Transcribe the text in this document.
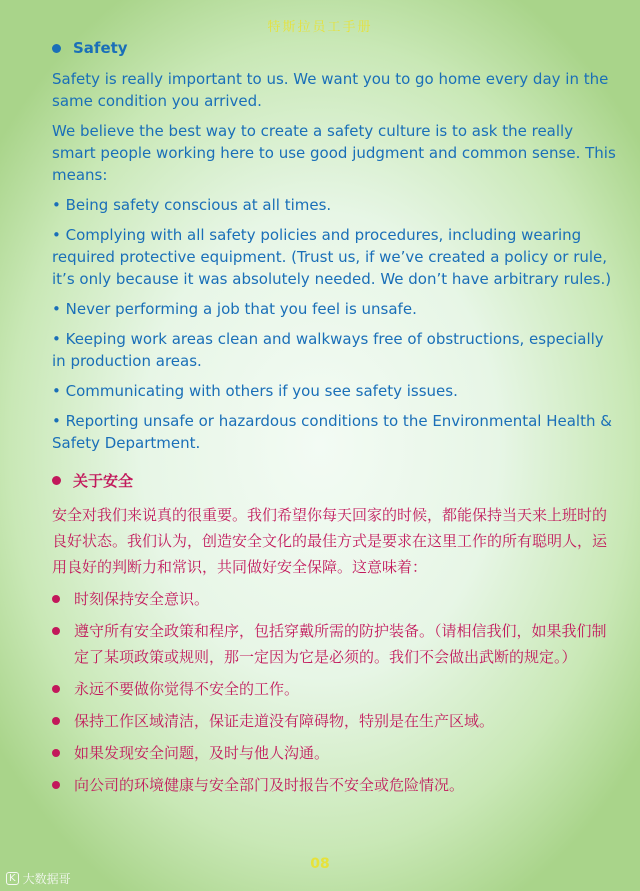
特斯拉员工手册
Safety

Safety is really important to us. We want you to go home every day in the same condition you arrived.

We believe the best way to create a safety culture is to ask the really smart people working here to use good judgment and common sense. This means:

• Being safety conscious at all times.

• Complying with all safety policies and procedures, including wearing required protective equipment. (Trust us, if we’ve created a policy or rule, it’s only because it was absolutely needed. We don’t have arbitrary rules.)

• Never performing a job that you feel is unsafe.

• Keeping work areas clean and walkways free of obstructions, especially in production areas.

• Communicating with others if you see safety issues.

• Reporting unsafe or hazardous conditions to the Environmental Health & Safety Department.

关于安全

安全对我们来说真的很重要。我们希望你每天回家的时候，都能保持当天来上班时的良好状态。我们认为，创造安全文化的最佳方式是要求在这里工作的所有聪明人，运用良好的判断力和常识，共同做好安全保障。这意味着：

时刻保持安全意识。
遵守所有安全政策和程序，包括穿戴所需的防护装备。（请相信我们，如果我们制定了某项政策或规则，那一定因为它是必须的。我们不会做出武断的规定。）
永远不要做你觉得不安全的工作。
保持工作区域清洁，保证走道没有障碍物，特别是在生产区域。
如果发现安全问题，及时与他人沟通。
向公司的环境健康与安全部门及时报告不安全或危险情况。
08
K 大数据哥
